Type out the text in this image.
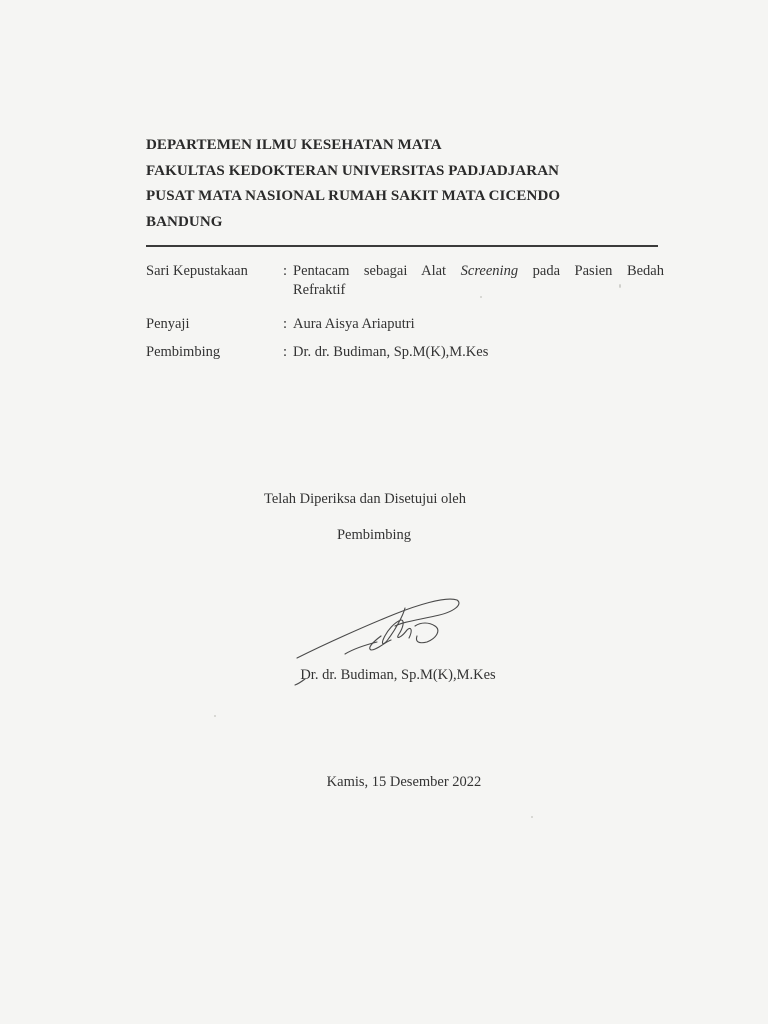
DEPARTEMEN ILMU KESEHATAN MATA
FAKULTAS KEDOKTERAN UNIVERSITAS PADJADJARAN
PUSAT MATA NASIONAL RUMAH SAKIT MATA CICENDO
BANDUNG
Sari Kepustakaan	: Pentacam sebagai Alat Screening pada Pasien Bedah
Refraktif
Penyaji	: Aura Aisya Ariaputri
Pembimbing	: Dr. dr. Budiman, Sp.M(K),M.Kes
Telah Diperiksa dan Disetujui oleh
Pembimbing
Dr. dr. Budiman, Sp.M(K),M.Kes
Kamis, 15 Desember 2022
